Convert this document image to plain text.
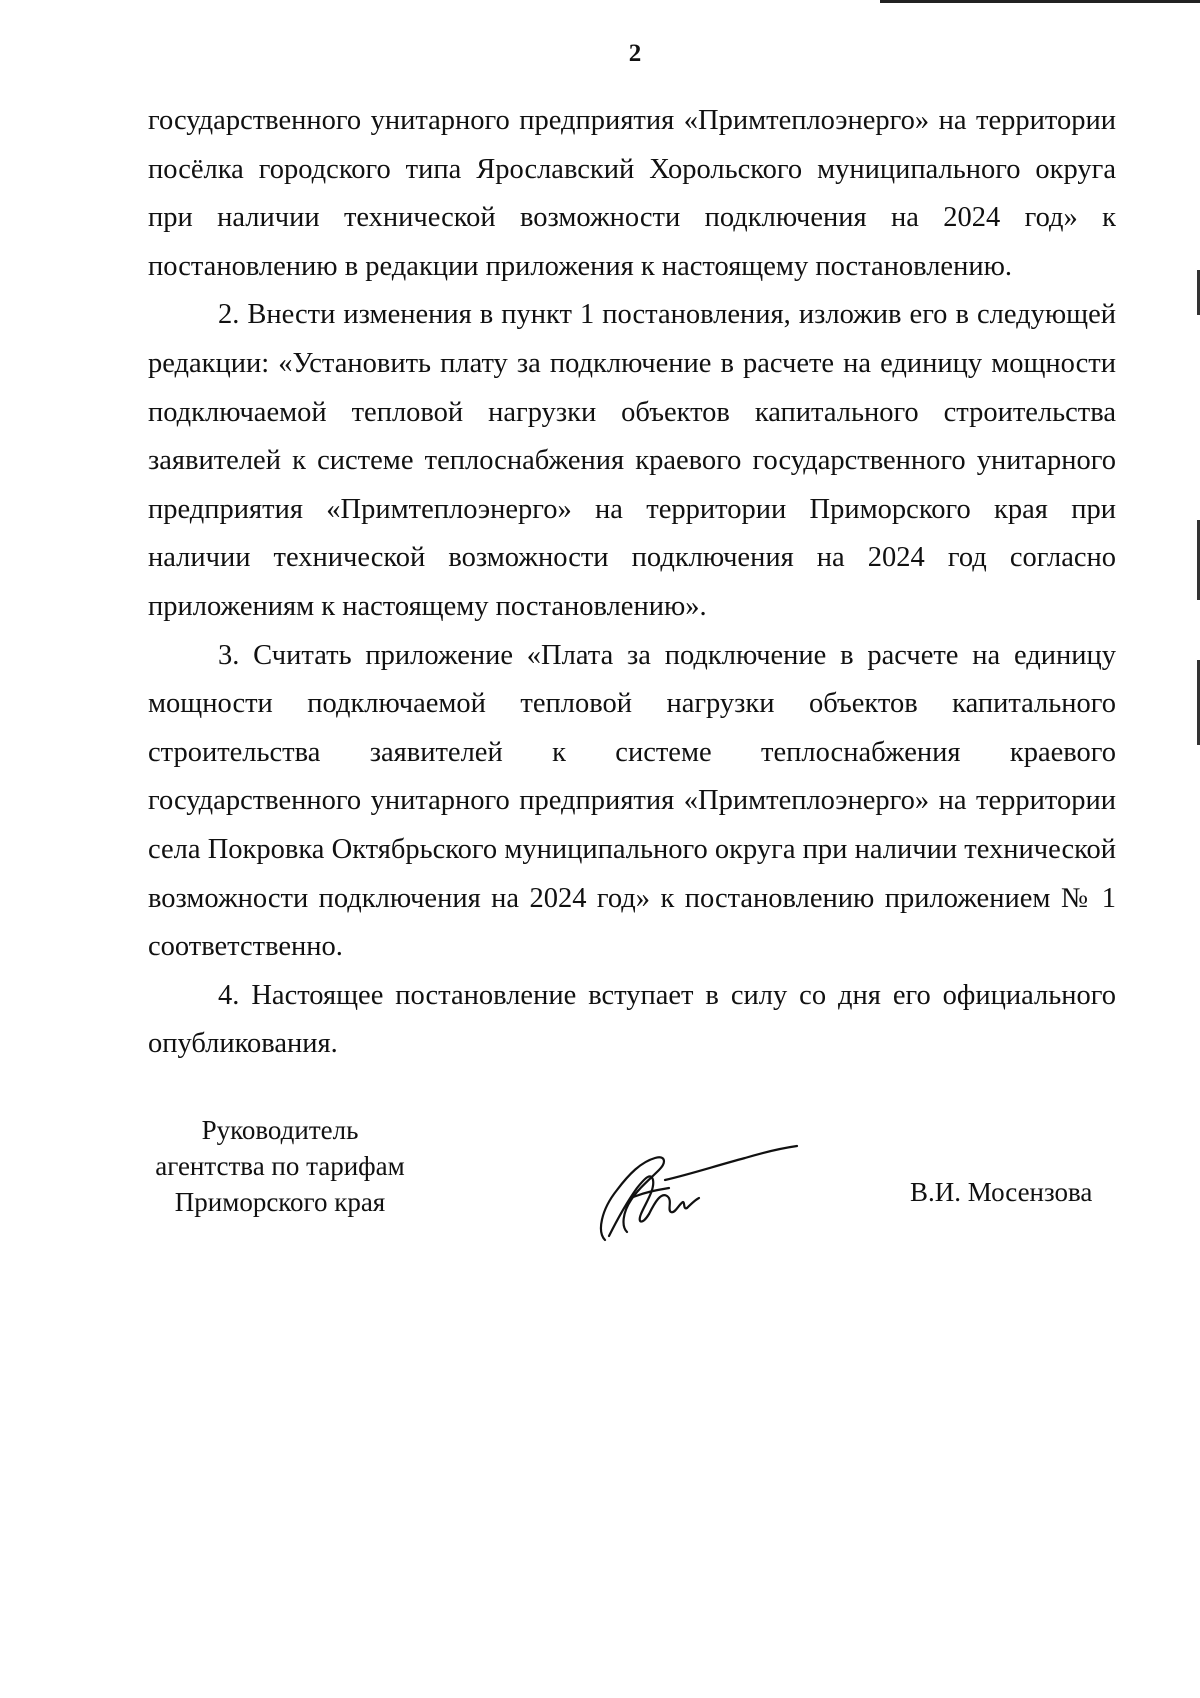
2

государственного унитарного предприятия «Примтеплоэнерго» на территории посёлка городского типа Ярославский Хорольского муниципального округа при наличии технической возможности подключения на 2024 год» к постановлению в редакции приложения к настоящему постановлению.

2. Внести изменения в пункт 1 постановления, изложив его в следующей редакции: «Установить плату за подключение в расчете на единицу мощности подключаемой тепловой нагрузки объектов капитального строительства заявителей к системе теплоснабжения краевого государственного унитарного предприятия «Примтеплоэнерго» на территории Приморского края при наличии технической возможности подключения на 2024 год согласно приложениям к настоящему постановлению».

3. Считать приложение «Плата за подключение в расчете на единицу мощности подключаемой тепловой нагрузки объектов капитального строительства заявителей к системе теплоснабжения краевого государственного унитарного предприятия «Примтеплоэнерго» на территории села Покровка Октябрьского муниципального округа при наличии технической возможности подключения на 2024 год» к постановлению приложением № 1 соответственно.

4. Настоящее постановление вступает в силу со дня его официального опубликования.

Руководитель
агентства по тарифам
Приморского края	В.И. Мосензова
